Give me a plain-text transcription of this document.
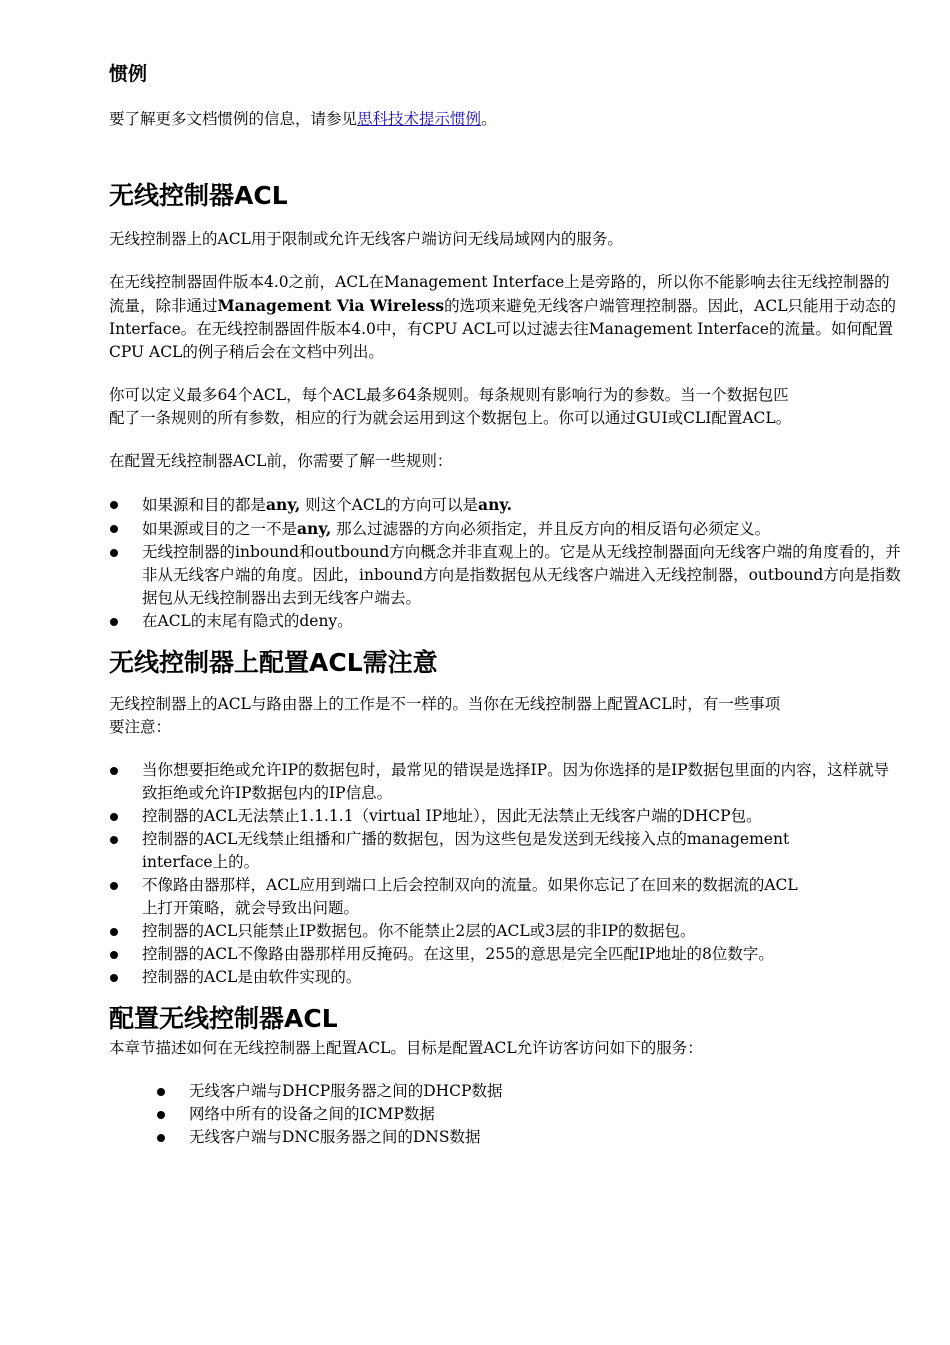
惯例

要了解更多文档惯例的信息，请参见思科技术提示惯例。

无线控制器ACL

无线控制器上的ACL用于限制或允许无线客户端访问无线局域网内的服务。

在无线控制器固件版本4.0之前，ACL在Management Interface上是旁路的，所以你不能影响去往无线控制器的流量，除非通过Management Via Wireless的选项来避免无线客户端管理控制器。因此，ACL只能用于动态的Interface。在无线控制器固件版本4.0中，有CPU ACL可以过滤去往Management Interface的流量。如何配置CPU ACL的例子稍后会在文档中列出。

你可以定义最多64个ACL，每个ACL最多64条规则。每条规则有影响行为的参数。当一个数据包匹
配了一条规则的所有参数，相应的行为就会运用到这个数据包上。你可以通过GUI或CLI配置ACL。

在配置无线控制器ACL前，你需要了解一些规则：

如果源和目的都是any, 则这个ACL的方向可以是any.
如果源或目的之一不是any, 那么过滤器的方向必须指定，并且反方向的相反语句必须定义。
无线控制器的inbound和outbound方向概念并非直观上的。它是从无线控制器面向无线客户端的角度看的，并非从无线客户端的角度。因此，inbound方向是指数据包从无线客户端进入无线控制器，outbound方向是指数据包从无线控制器出去到无线客户端去。
在ACL的末尾有隐式的deny。
无线控制器上配置ACL需注意

无线控制器上的ACL与路由器上的工作是不一样的。当你在无线控制器上配置ACL时，有一些事项
要注意：

当你想要拒绝或允许IP的数据包时，最常见的错误是选择IP。因为你选择的是IP数据包里面的内容，这样就导致拒绝或允许IP数据包内的IP信息。
控制器的ACL无法禁止1.1.1.1（virtual IP地址），因此无法禁止无线客户端的DHCP包。
控制器的ACL无线禁止组播和广播的数据包，因为这些包是发送到无线接入点的management
interface上的。
不像路由器那样，ACL应用到端口上后会控制双向的流量。如果你忘记了在回来的数据流的ACL
上打开策略，就会导致出问题。
控制器的ACL只能禁止IP数据包。你不能禁止2层的ACL或3层的非IP的数据包。
控制器的ACL不像路由器那样用反掩码。在这里，255的意思是完全匹配IP地址的8位数字。
控制器的ACL是由软件实现的。
配置无线控制器ACL

本章节描述如何在无线控制器上配置ACL。目标是配置ACL允许访客访问如下的服务：

无线客户端与DHCP服务器之间的DHCP数据
网络中所有的设备之间的ICMP数据
无线客户端与DNC服务器之间的DNS数据
